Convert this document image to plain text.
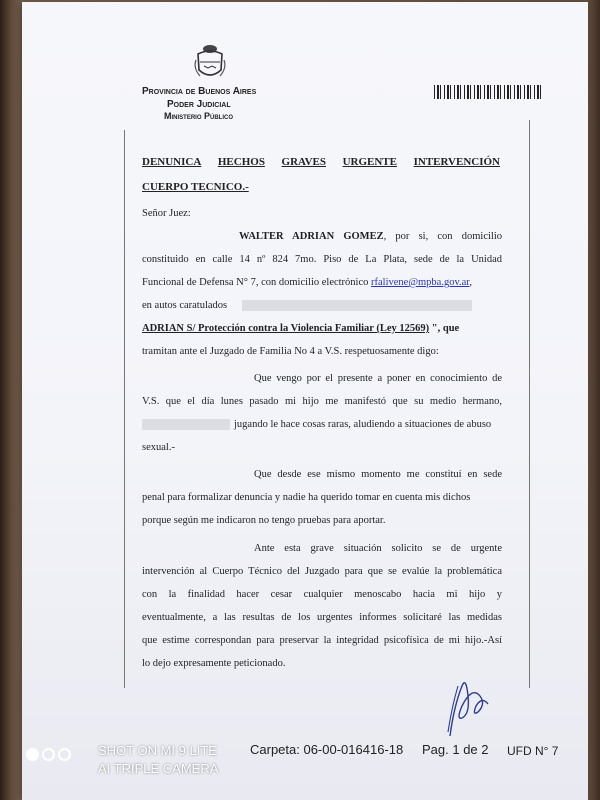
Provincia de Buenos Aires
Poder Judicial
Ministerio Público
DENUNICA HECHOS GRAVES URGENTE INTERVENCIÓN
CUERPO TECNICO.-
Señor Juez:
WALTER ADRIAN GOMEZ, por si, con domicilio
constituido en calle 14 nº 824 7mo. Piso de La Plata, sede de la Unidad
Funcional de Defensa N° 7, con domicilio electrónico rfalivene@mpba.gov.ar,
en autos caratulados
ADRIAN S/ Protección contra la Violencia Familiar (Ley 12569) ", que
tramitan ante el Juzgado de Familia No 4 a V.S. respetuosamente digo:
Que vengo por el presente a poner en conocimiento de
V.S. que el día lunes pasado mi hijo me manifestó que su medio hermano,
jugando le hace cosas raras, aludiendo a situaciones de abuso
sexual.-
Que desde ese mismo momento me constituí en sede
penal para formalizar denuncia y nadie ha querido tomar en cuenta mis dichos
porque según me indicaron no tengo pruebas para aportar.
Ante esta grave situación solicito se de urgente
intervención al Cuerpo Técnico del Juzgado para que se evalúe la problemática
con la finalidad hacer cesar cualquier menoscabo hacia mi hijo y
eventualmente, a las resultas de los urgentes informes solicitaré las medidas
que estime correspondan para preservar la integridad psicofísica de mi hijo.-Así
lo dejo expresamente peticionado.
Carpeta: 06-00-016416-18 Pag. 1 de 2 UFD N° 7
SHOT ON MI 9 LITE
AI TRIPLE CAMERA
